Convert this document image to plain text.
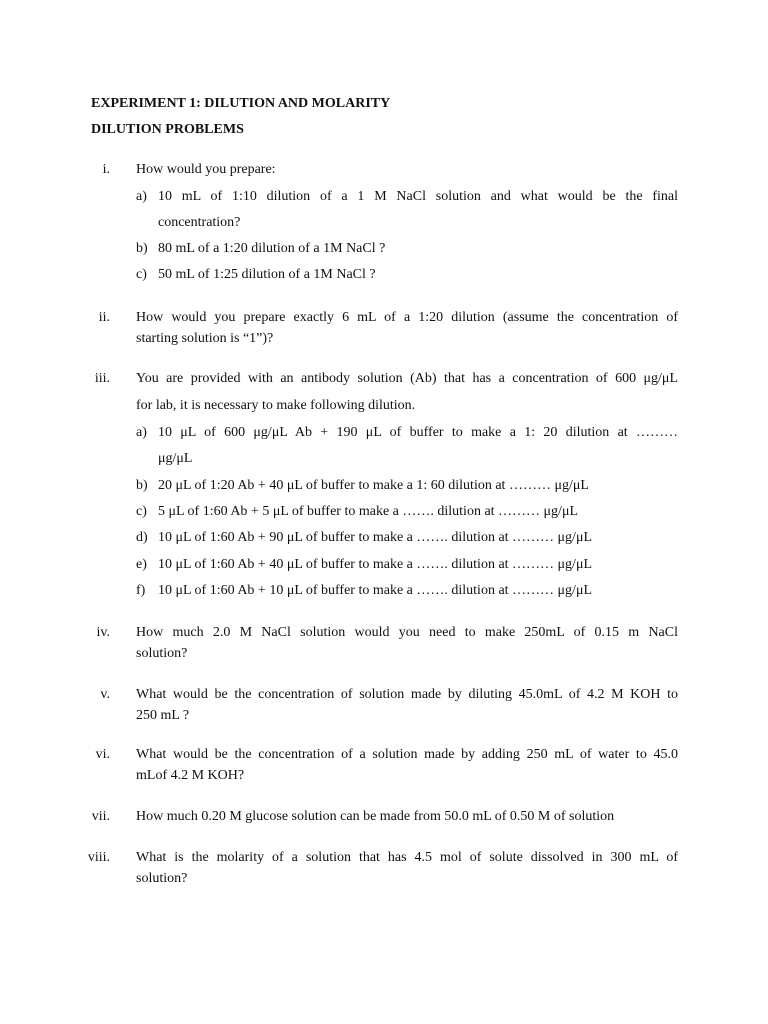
EXPERIMENT 1: DILUTION AND MOLARITY
DILUTION PROBLEMS
i. How would you prepare:
a) 10 mL of 1:10 dilution of a 1 M NaCl solution and what would be the final
concentration?
b) 80 mL of a 1:20 dilution of a 1M NaCl ?
c) 50 mL of 1:25 dilution of a 1M NaCl ?
ii. How would you prepare exactly 6 mL of a 1:20 dilution (assume the concentration of
starting solution is “1”)?
iii. You are provided with an antibody solution (Ab) that has a concentration of 600 μg/μL
for lab, it is necessary to make following dilution.
a) 10 μL of 600 μg/μL Ab + 190 μL of buffer to make a 1: 20 dilution at ………
μg/μL
b) 20 μL of 1:20 Ab + 40 μL of buffer to make a 1: 60 dilution at ……… μg/μL
c) 5 μL of 1:60 Ab + 5 μL of buffer to make a ……. dilution at ……… μg/μL
d) 10 μL of 1:60 Ab + 90 μL of buffer to make a ……. dilution at ……… μg/μL
e) 10 μL of 1:60 Ab + 40 μL of buffer to make a ……. dilution at ……… μg/μL
f) 10 μL of 1:60 Ab + 10 μL of buffer to make a ……. dilution at ……… μg/μL
iv. How much 2.0 M NaCl solution would you need to make 250mL of 0.15 m NaCl
solution?
v. What would be the concentration of solution made by diluting 45.0mL of 4.2 M KOH to
250 mL ?
vi. What would be the concentration of a solution made by adding 250 mL of water to 45.0
mLof 4.2 M KOH?
vii. How much 0.20 M glucose solution can be made from 50.0 mL of 0.50 M of solution
viii. What is the molarity of a solution that has 4.5 mol of solute dissolved in 300 mL of
solution?
